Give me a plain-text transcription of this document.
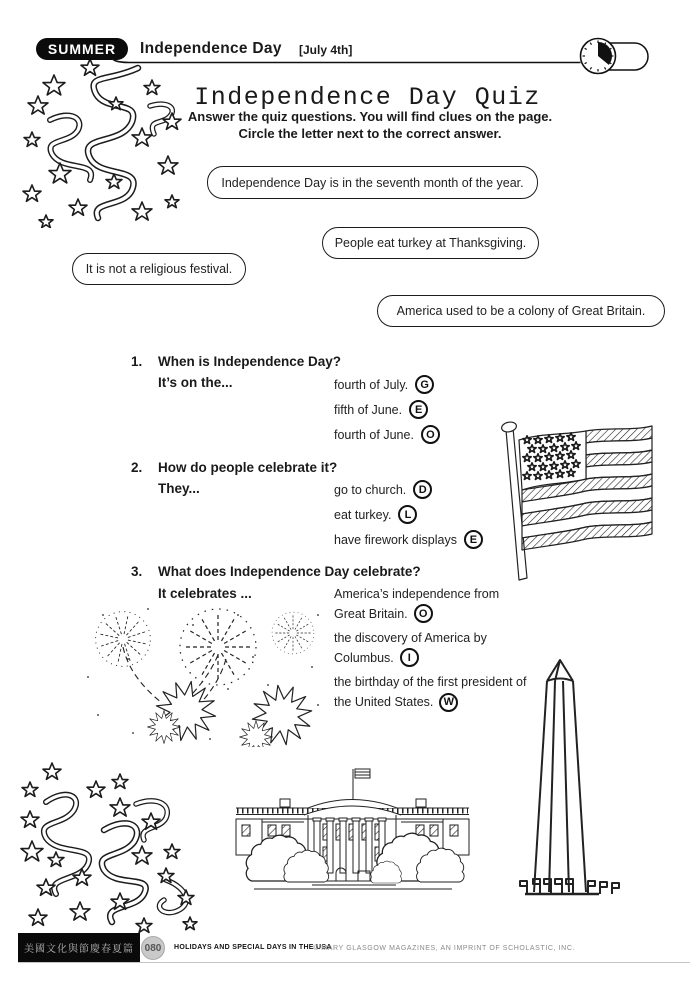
SUMMER	Independence Day [July 4th]
Independence Day Quiz
Answer the quiz questions. You will find clues on the page.
Circle the letter next to the correct answer.
Independence Day is in the seventh month of the year.
People eat turkey at Thanksgiving.
It is not a religious festival.
America used to be a colony of Great Britain.
1. When is Independence Day?
It’s on the...	fourth of July.	G
fifth of June.	E
fourth of June.	O
2. How do people celebrate it?
They...	go to church.	D
eat turkey.	L
have firework displays	E
3. What does Independence Day celebrate?
It celebrates ...	America’s independence from Great Britain. O
the discovery of America by Columbus. I
the birthday of the first president of the United States. W
美國文化與節慶春夏篇	080	HOLIDAYS AND SPECIAL DAYS IN THE USA
© MARY GLASGOW MAGAZINES, AN IMPRINT OF SCHOLASTIC, INC.
